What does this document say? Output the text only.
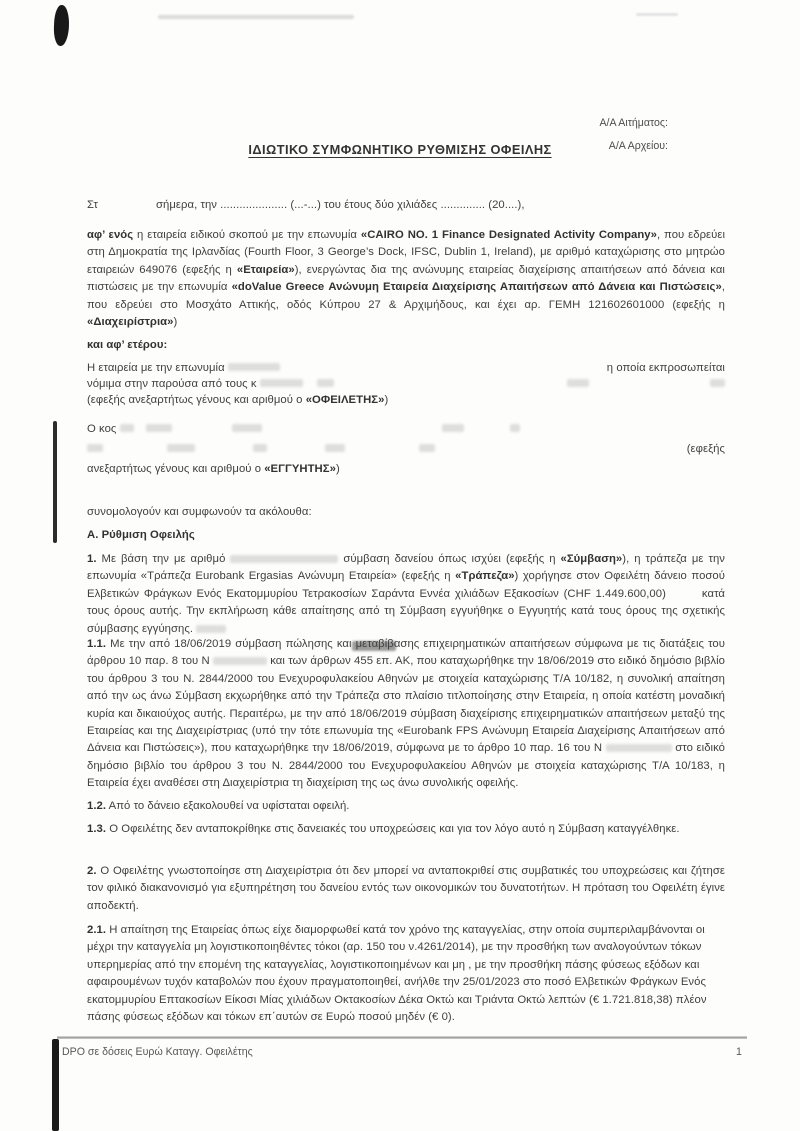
Α/Α Αιτήματος:
Α/Α Αρχείου:
ΙΔΙΩΤΙΚΟ ΣΥΜΦΩΝΗΤΙΚΟ ΡΥΘΜΙΣΗΣ ΟΦΕΙΛΗΣ
Στ	σήμερα, την ..................... (...-...) του έτους δύο χιλιάδες .............. (20....),
αφ’ ενός η εταιρεία ειδικού σκοπού με την επωνυμία «CAIRO NO. 1 Finance Designated Activity Company», που εδρεύει στη Δημοκρατία της Ιρλανδίας (Fourth Floor, 3 George’s Dock, IFSC, Dublin 1, Ireland), με αριθμό καταχώρισης στο μητρώο εταιρειών 649076 (εφεξής η «Εταιρεία»), ενεργώντας δια της ανώνυμης εταιρείας διαχείρισης απαιτήσεων από δάνεια και πιστώσεις με την επωνυμία «doValue Greece Ανώνυμη Εταιρεία Διαχείρισης Απαιτήσεων από Δάνεια και Πιστώσεις», που εδρεύει στο Μοσχάτο Αττικής, οδός Κύπρου 27 & Αρχιμήδους, και έχει αρ. ΓΕΜΗ 121602601000 (εφεξής η «Διαχειρίστρια»)
και αφ’ ετέρου:
Η εταιρεία με την επωνυμία	η οποία εκπροσωπείται
νόμιμα στην παρούσα από τους κ
(εφεξής ανεξαρτήτως γένους και αριθμού ο «ΟΦΕΙΛΕΤΗΣ» )
Ο κος
(εφεξής
ανεξαρτήτως γένους και αριθμού ο «ΕΓΓΥΗΤΗΣ» )
συνομολογούν και συμφωνούν τα ακόλουθα:
Α. Ρύθμιση Οφειλής
1. Με βάση την με αριθμό	σύμβαση δανείου όπως ισχύει (εφεξής η «Σύμβαση»), η τράπεζα με την επωνυμία «Τράπεζα Eurobank Ergasias Ανώνυμη Εταιρεία» (εφεξής η «Τράπεζα») χορήγησε στον Οφειλέτη δάνειο ποσού Ελβετικών Φράγκων Ενός Εκατομμυρίου Τετρακοσίων Σαράντα Εννέα χιλιάδων Εξακοσίων (CHF 1.449.600,00)	κατά τους όρους αυτής. Την εκπλήρωση κάθε απαίτησης από τη Σύμβαση εγγυήθηκε ο Εγγυητής κατά τους όρους της σχετικής σύμβασης εγγύησης.
1.1. Με την από 18/06/2019 σύμβαση πώλησης και μεταβίβασης επιχειρηματικών απαιτήσεων σύμφωνα με τις διατάξεις του άρθρου 10 παρ. 8 του Ν	και των άρθρων 455 επ. ΑΚ, που καταχωρήθηκε την 18/06/2019 στο ειδικό δημόσιο βιβλίο του άρθρου 3 του Ν. 2844/2000 του Ενεχυροφυλακείου Αθηνών με στοιχεία καταχώρισης Τ/Α 10/182, η συνολική απαίτηση από την ως άνω Σύμβαση εκχωρήθηκε από την Τράπεζα στο πλαίσιο τιτλοποίησης στην Εταιρεία, η οποία κατέστη μοναδική κυρία και δικαιούχος αυτής. Περαιτέρω, με την από 18/06/2019 σύμβαση διαχείρισης επιχειρηματικών απαιτήσεων μεταξύ της Εταιρείας και της Διαχειρίστριας (υπό την τότε επωνυμία της «Eurobank FPS Ανώνυμη Εταιρεία Διαχείρισης Απαιτήσεων από Δάνεια και Πιστώσεις»), που καταχωρήθηκε την 18/06/2019, σύμφωνα με το άρθρο 10 παρ. 16 του Ν	στο ειδικό δημόσιο βιβλίο του άρθρου 3 του Ν. 2844/2000 του Ενεχυροφυλακείου Αθηνών με στοιχεία καταχώρισης Τ/Α 10/183, η Εταιρεία έχει αναθέσει στη Διαχειρίστρια τη διαχείριση της ως άνω συνολικής οφειλής.
1.2. Από το δάνειο εξακολουθεί να υφίσταται οφειλή.
1.3. Ο Οφειλέτης δεν ανταποκρίθηκε στις δανειακές του υποχρεώσεις και για τον λόγο αυτό η Σύμβαση καταγγέλθηκε.
2. Ο Οφειλέτης γνωστοποίησε στη Διαχειρίστρια ότι δεν μπορεί να ανταποκριθεί στις συμβατικές του υποχρεώσεις και ζήτησε τον φιλικό διακανονισμό για εξυπηρέτηση του δανείου εντός των οικονομικών του δυνατοτήτων. Η πρόταση του Οφειλέτη έγινε αποδεκτή.
2.1. Η απαίτηση της Εταιρείας όπως είχε διαμορφωθεί κατά τον χρόνο της καταγγελίας, στην οποία συμπεριλαμβάνονται οι μέχρι την καταγγελία μη λογιστικοποιηθέντες τόκοι (αρ. 150 του ν.4261/2014), με την προσθήκη των αναλογούντων τόκων υπερημερίας από την επομένη της καταγγελίας, λογιστικοποιημένων και μη , με την προσθήκη πάσης φύσεως εξόδων και αφαιρουμένων τυχόν καταβολών που έχουν πραγματοποιηθεί, ανήλθε την 25/01/2023 στο ποσό Ελβετικών Φράγκων Ενός εκατομμυρίου Επτακοσίων Είκοσι Μίας χιλιάδων Οκτακοσίων Δέκα Οκτώ και Τριάντα Οκτώ λεπτών (€ 1.721.818,38) πλέον πάσης φύσεως εξόδων και τόκων επ΄αυτών σε Ευρώ ποσού μηδέν (€ 0).
DPO σε δόσεις Ευρώ Καταγγ. Οφειλέτης	1
